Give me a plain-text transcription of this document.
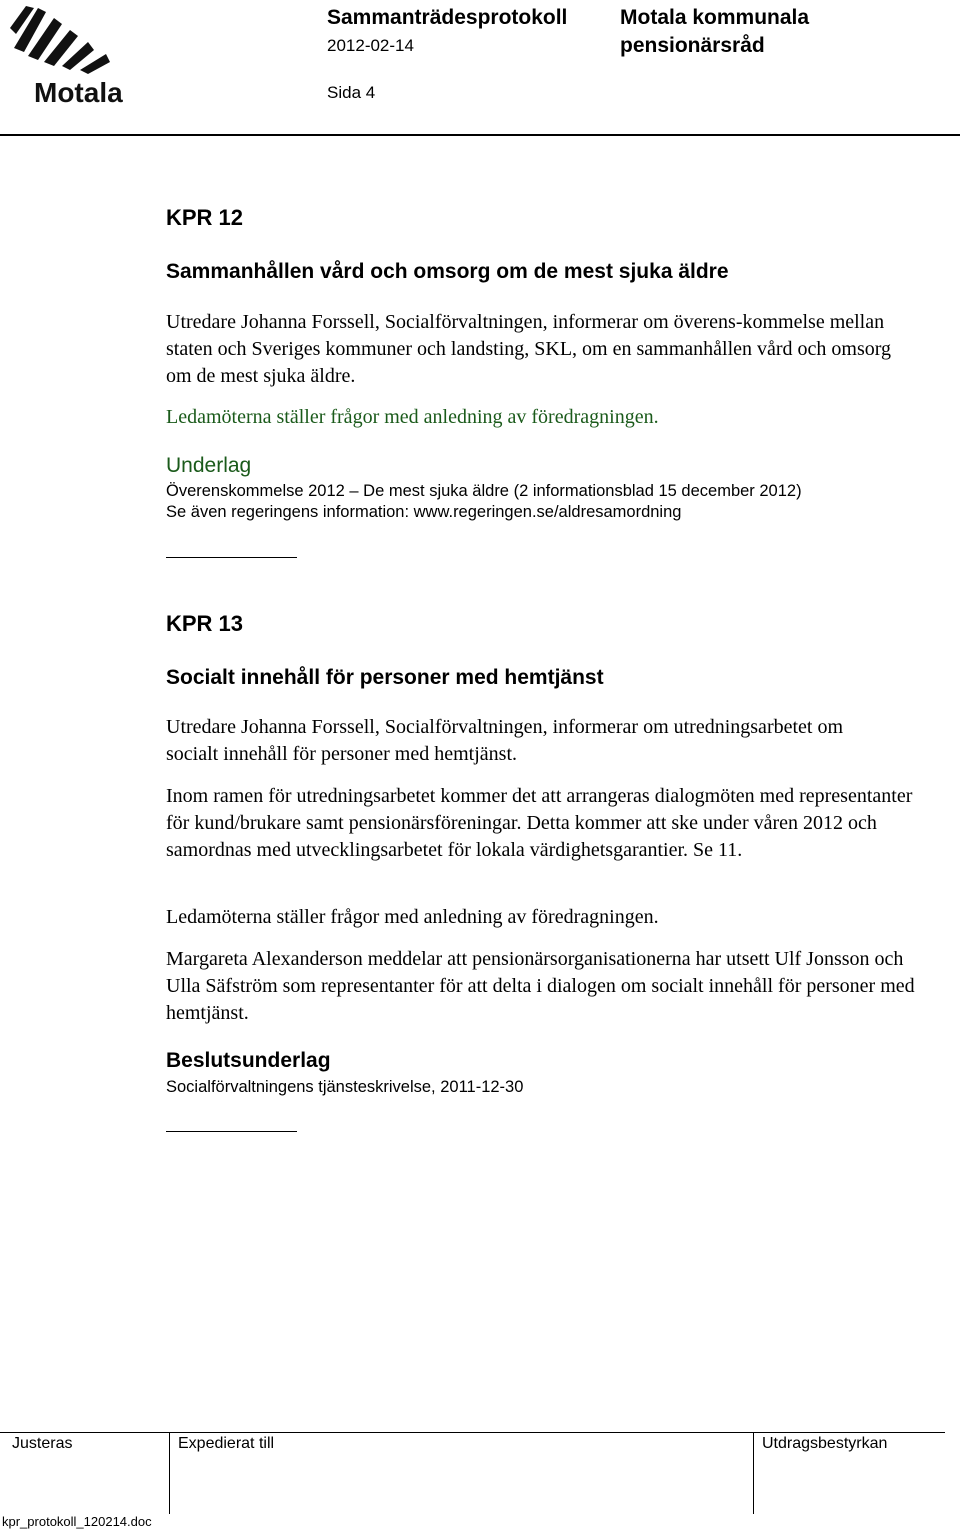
Motala
Sammanträdesprotokoll
2012-02-14
Sida 4
Motala kommunala
pensionärsråd
KPR 12
Sammanhållen vård och omsorg om de mest sjuka äldre
Utredare Johanna Forssell, Socialförvaltningen, informerar om överens-kommelse mellan staten och Sveriges kommuner och landsting, SKL, om en sammanhållen vård och omsorg om de mest sjuka äldre.
Ledamöterna ställer frågor med anledning av föredragningen.
Underlag
Överenskommelse 2012 – De mest sjuka äldre (2 informationsblad 15 december 2012)
Se även regeringens information: www.regeringen.se/aldresamordning
KPR 13
Socialt innehåll för personer med hemtjänst
Utredare Johanna Forssell, Socialförvaltningen, informerar om utredningsarbetet om socialt innehåll för personer med hemtjänst.
Inom ramen för utredningsarbetet kommer det att arrangeras dialogmöten med representanter för kund/brukare samt pensionärsföreningar. Detta kommer att ske under våren 2012 och samordnas med utvecklingsarbetet för lokala värdighetsgarantier. Se 11.
Ledamöterna ställer frågor med anledning av föredragningen.
Margareta Alexanderson meddelar att pensionärsorganisationerna har utsett Ulf Jonsson och Ulla Säfström som representanter för att delta i dialogen om socialt innehåll för personer med hemtjänst.
Beslutsunderlag
Socialförvaltningens tjänsteskrivelse, 2011-12-30
Justeras	Expedierat till	Utdragsbestyrkan
kpr_protokoll_120214.doc
